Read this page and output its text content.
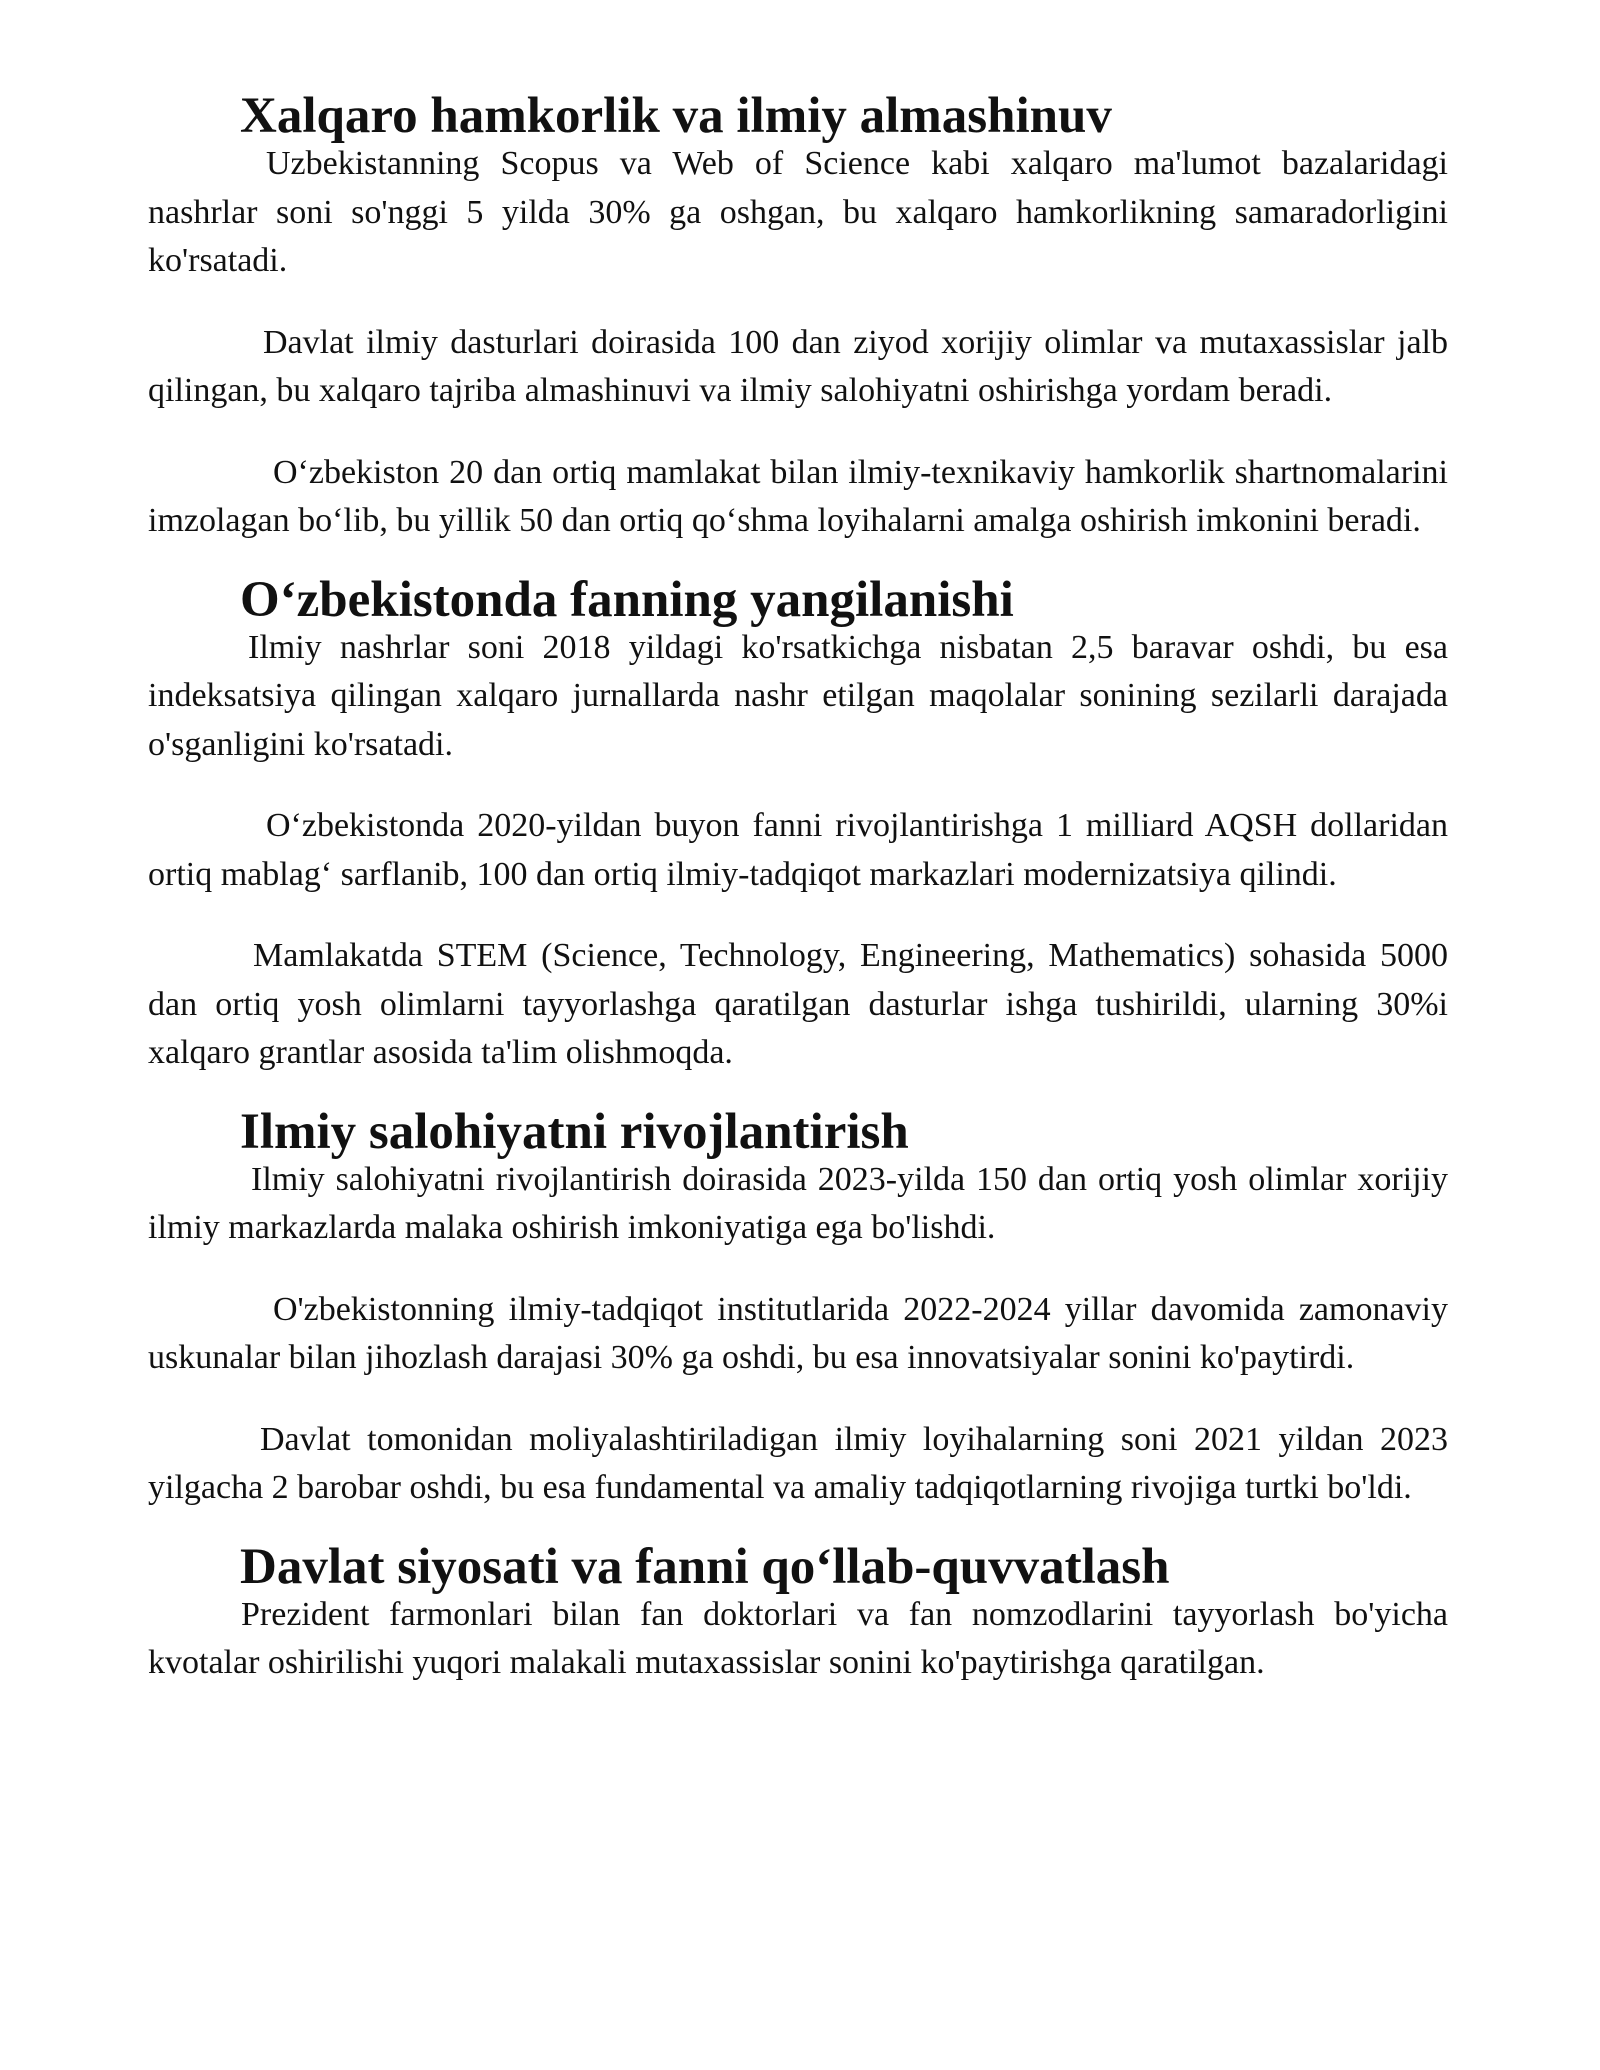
Xalqaro hamkorlik va ilmiy almashinuv

Uzbekistanning Scopus va Web of Science kabi xalqaro ma'lumot bazalaridagi nashrlar soni so'nggi 5 yilda 30% ga oshgan, bu xalqaro hamkorlikning samaradorligini ko'rsatadi.

Davlat ilmiy dasturlari doirasida 100 dan ziyod xorijiy olimlar va mutaxassislar jalb qilingan, bu xalqaro tajriba almashinuvi va ilmiy salohiyatni oshirishga yordam beradi.

O‘zbekiston 20 dan ortiq mamlakat bilan ilmiy-texnikaviy hamkorlik shartnomalarini imzolagan bo‘lib, bu yillik 50 dan ortiq qo‘shma loyihalarni amalga oshirish imkonini beradi.

O‘zbekistonda fanning yangilanishi

Ilmiy nashrlar soni 2018 yildagi ko'rsatkichga nisbatan 2,5 baravar oshdi, bu esa indeksatsiya qilingan xalqaro jurnallarda nashr etilgan maqolalar sonining sezilarli darajada o'sganligini ko'rsatadi.

O‘zbekistonda 2020-yildan buyon fanni rivojlantirishga 1 milliard AQSH dollaridan ortiq mablag‘ sarflanib, 100 dan ortiq ilmiy-tadqiqot markazlari modernizatsiya qilindi.

Mamlakatda STEM (Science, Technology, Engineering, Mathematics) sohasida 5000 dan ortiq yosh olimlarni tayyorlashga qaratilgan dasturlar ishga tushirildi, ularning 30%i xalqaro grantlar asosida ta'lim olishmoqda.

Ilmiy salohiyatni rivojlantirish

Ilmiy salohiyatni rivojlantirish doirasida 2023-yilda 150 dan ortiq yosh olimlar xorijiy ilmiy markazlarda malaka oshirish imkoniyatiga ega bo'lishdi.

O'zbekistonning ilmiy-tadqiqot institutlarida 2022-2024 yillar davomida zamonaviy uskunalar bilan jihozlash darajasi 30% ga oshdi, bu esa innovatsiyalar sonini ko'paytirdi.

Davlat tomonidan moliyalashtiriladigan ilmiy loyihalarning soni 2021 yildan 2023 yilgacha 2 barobar oshdi, bu esa fundamental va amaliy tadqiqotlarning rivojiga turtki bo'ldi.

Davlat siyosati va fanni qo‘llab-quvvatlash

Prezident farmonlari bilan fan doktorlari va fan nomzodlarini tayyorlash bo'yicha kvotalar oshirilishi yuqori malakali mutaxassislar sonini ko'paytirishga qaratilgan.
